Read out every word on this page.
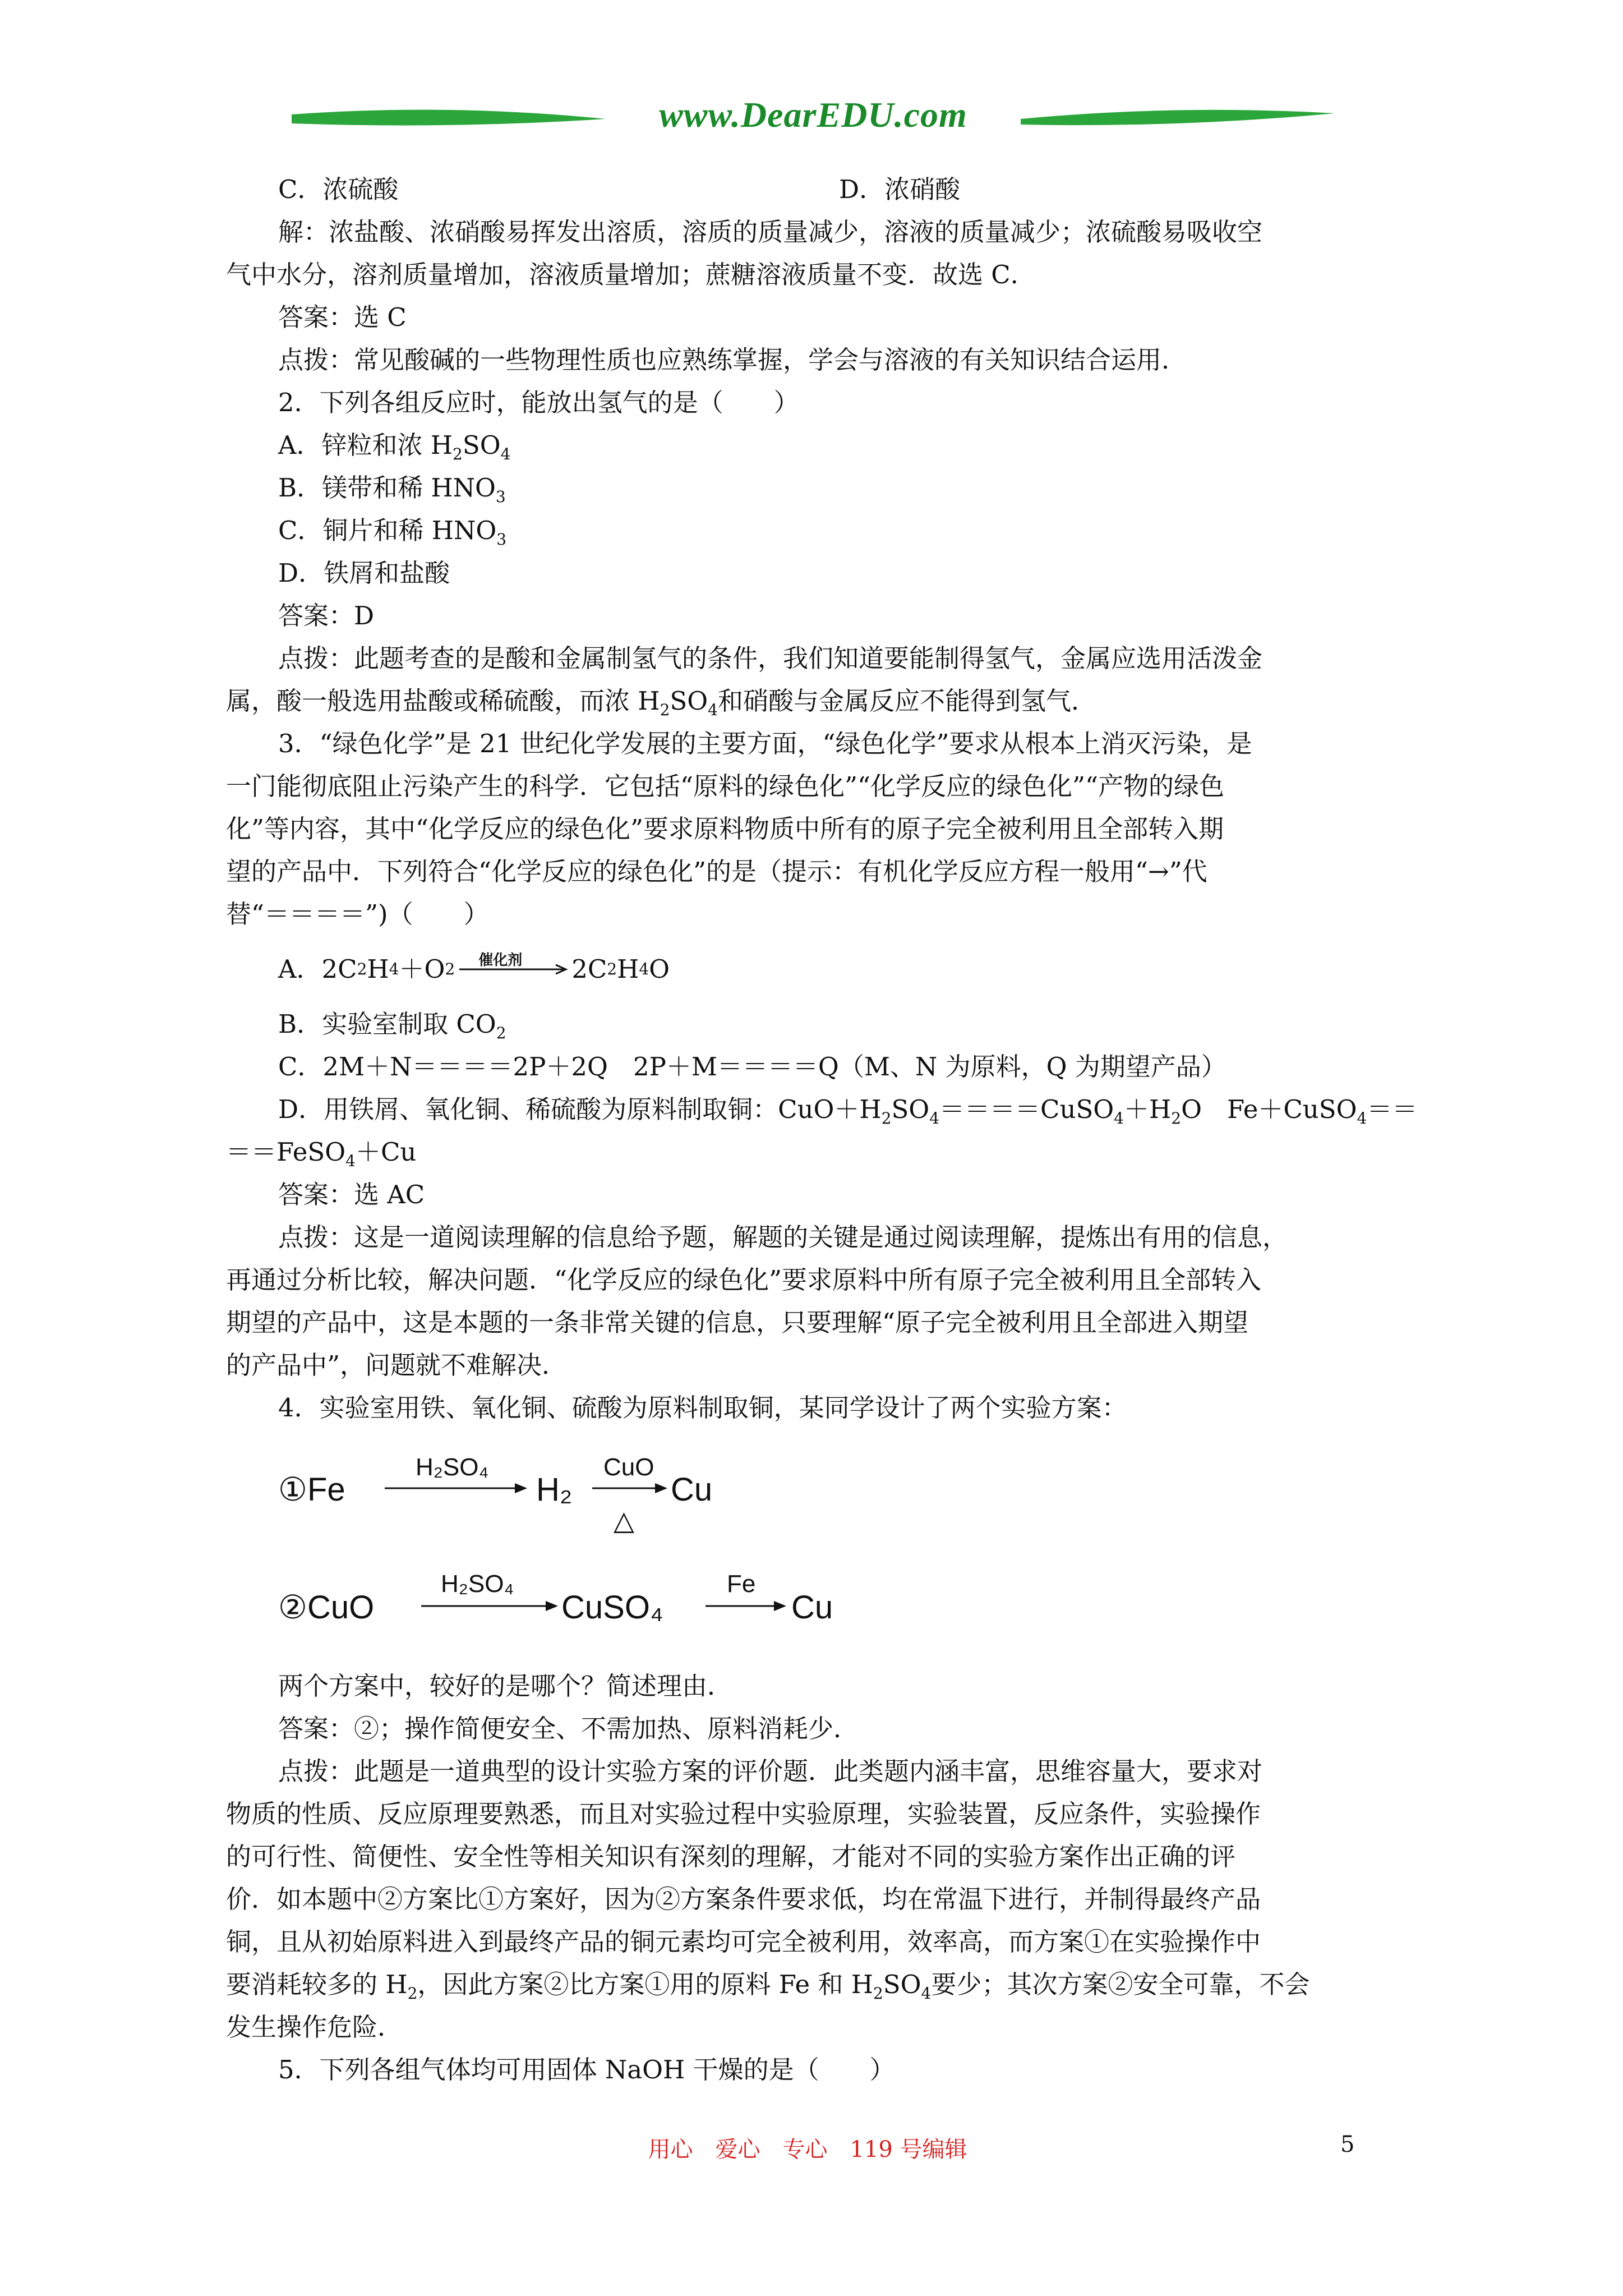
www.DearEDU.com
C．浓硫酸	D．浓硝酸
解：浓盐酸、浓硝酸易挥发出溶质，溶质的质量减少，溶液的质量减少；浓硫酸易吸收空
气中水分，溶剂质量增加，溶液质量增加；蔗糖溶液质量不变．故选 C．
答案：选 C
点拨：常见酸碱的一些物理性质也应熟练掌握，学会与溶液的有关知识结合运用．
2．下列各组反应时，能放出氢气的是（　　）
A．锌粒和浓 $H_2SO_4$
B．镁带和稀 $HNO_3$
C．铜片和稀 $HNO_3$
D．铁屑和盐酸
答案：D
点拨：此题考查的是酸和金属制氢气的条件，我们知道要能制得氢气，金属应选用活泼金
属，酸一般选用盐酸或稀硫酸，而浓 $H_2SO_4$和硝酸与金属反应不能得到氢气．
3．“绿色化学”是 21 世纪化学发展的主要方面，“绿色化学”要求从根本上消灭污染，是
一门能彻底阻止污染产生的科学．它包括“原料的绿色化”“化学反应的绿色化”“产物的绿色
化”等内容，其中“化学反应的绿色化”要求原料物质中所有的原子完全被利用且全部转入期
望的产品中．下列符合“化学反应的绿色化”的是（提示：有机化学反应方程一般用“→”代
替“＝＝＝＝”)（　　）
A．2C 2 H 4 ＋O 2 催化剂 2C 2 H 4 O
B．实验室制取 $CO_2$
C．2M＋N＝＝＝＝2P＋2Q　2P＋M＝＝＝＝Q（M、N 为原料，Q 为期望产品）
D．用铁屑、氧化铜、稀硫酸为原料制取铜：$CuO+H_2SO_4====CuSO_4+H_2O$　Fe＋CuSO$_4$＝＝
＝＝FeSO$_4$＋Cu
答案：选 AC
点拨：这是一道阅读理解的信息给予题，解题的关键是通过阅读理解，提炼出有用的信息，
再通过分析比较，解决问题．“化学反应的绿色化”要求原料中所有原子完全被利用且全部转入
期望的产品中，这是本题的一条非常关键的信息，只要理解“原子完全被利用且全部进入期望
的产品中”，问题就不难解决．
4．实验室用铁、氧化铜、硫酸为原料制取铜，某同学设计了两个实验方案：
①Fe
H₂SO₄
H₂
CuO
△
Cu
②CuO
H₂SO₄
CuSO₄
Fe
Cu
两个方案中，较好的是哪个？简述理由．
答案：②；操作简便安全、不需加热、原料消耗少．
点拨：此题是一道典型的设计实验方案的评价题．此类题内涵丰富，思维容量大，要求对
物质的性质、反应原理要熟悉，而且对实验过程中实验原理，实验装置，反应条件，实验操作
的可行性、简便性、安全性等相关知识有深刻的理解，才能对不同的实验方案作出正确的评
价．如本题中②方案比①方案好，因为②方案条件要求低，均在常温下进行，并制得最终产品
铜，且从初始原料进入到最终产品的铜元素均可完全被利用，效率高，而方案①在实验操作中
要消耗较多的 $H_2$，因此方案②比方案①用的原料 Fe 和 $H_2SO_4$要少；其次方案②安全可靠，不会
发生操作危险．
5．下列各组气体均可用固体 NaOH 干燥的是（　　）
用心　爱心　专心　119 号编辑	5
